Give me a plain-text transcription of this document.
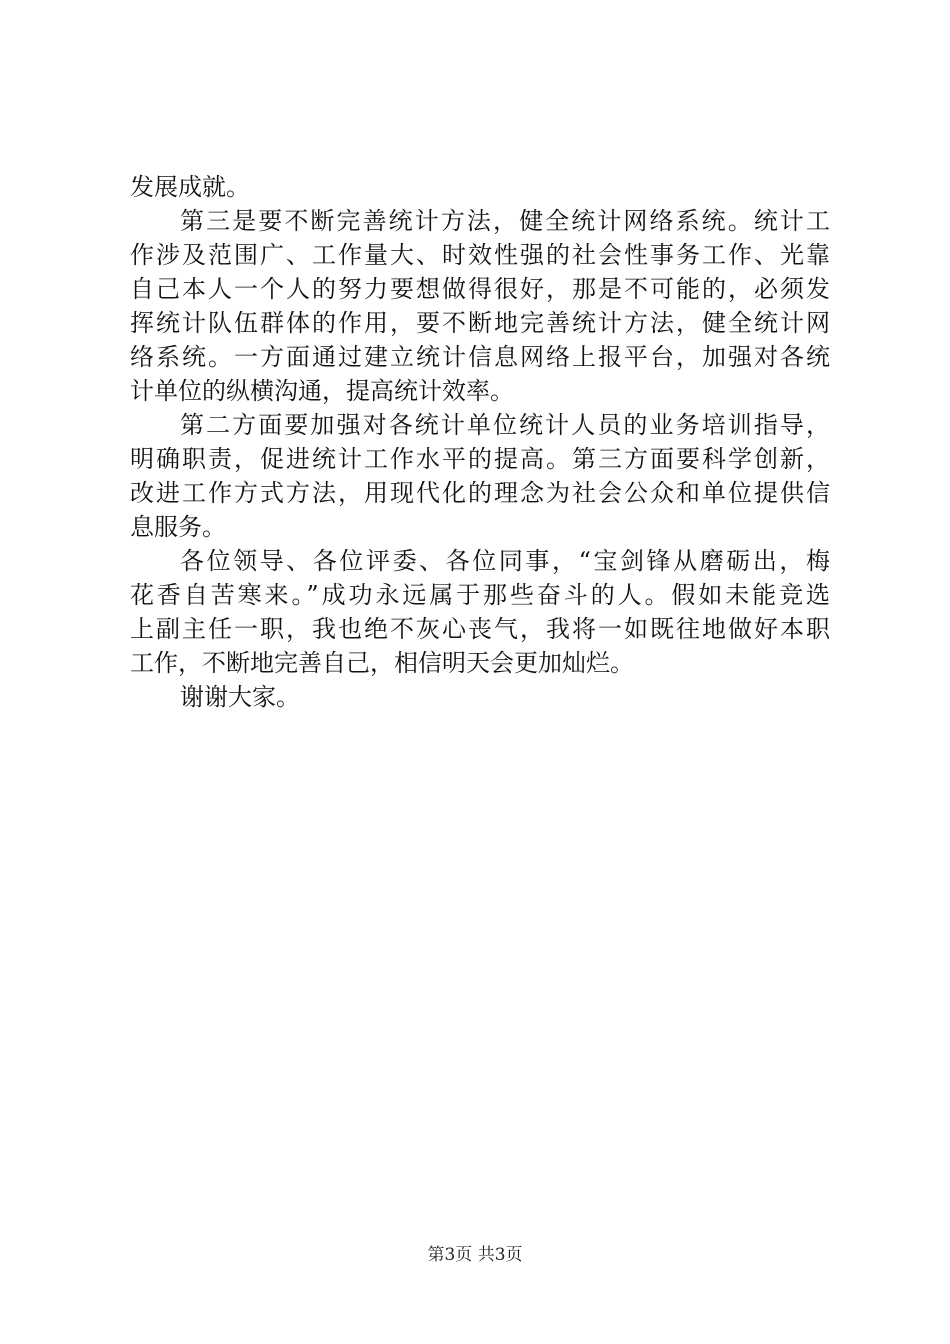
发展成就。
第三是要不断完善统计方法，健全统计网络系统。统计工
作涉及范围广、工作量大、时效性强的社会性事务工作、光靠
自己本人一个人的努力要想做得很好，那是不可能的，必须发
挥统计队伍群体的作用，要不断地完善统计方法，健全统计网
络系统。一方面通过建立统计信息网络上报平台，加强对各统
计单位的纵横沟通，提高统计效率。
第二方面要加强对各统计单位统计人员的业务培训指导，
明确职责，促进统计工作水平的提高。第三方面要科学创新，
改进工作方式方法，用现代化的理念为社会公众和单位提供信
息服务。
各位领导、各位评委、各位同事，“宝剑锋从磨砺出，梅
花香自苦寒来。”成功永远属于那些奋斗的人。假如未能竞选
上副主任一职，我也绝不灰心丧气，我将一如既往地做好本职
工作，不断地完善自己，相信明天会更加灿烂。
谢谢大家。
第3页 共3页
